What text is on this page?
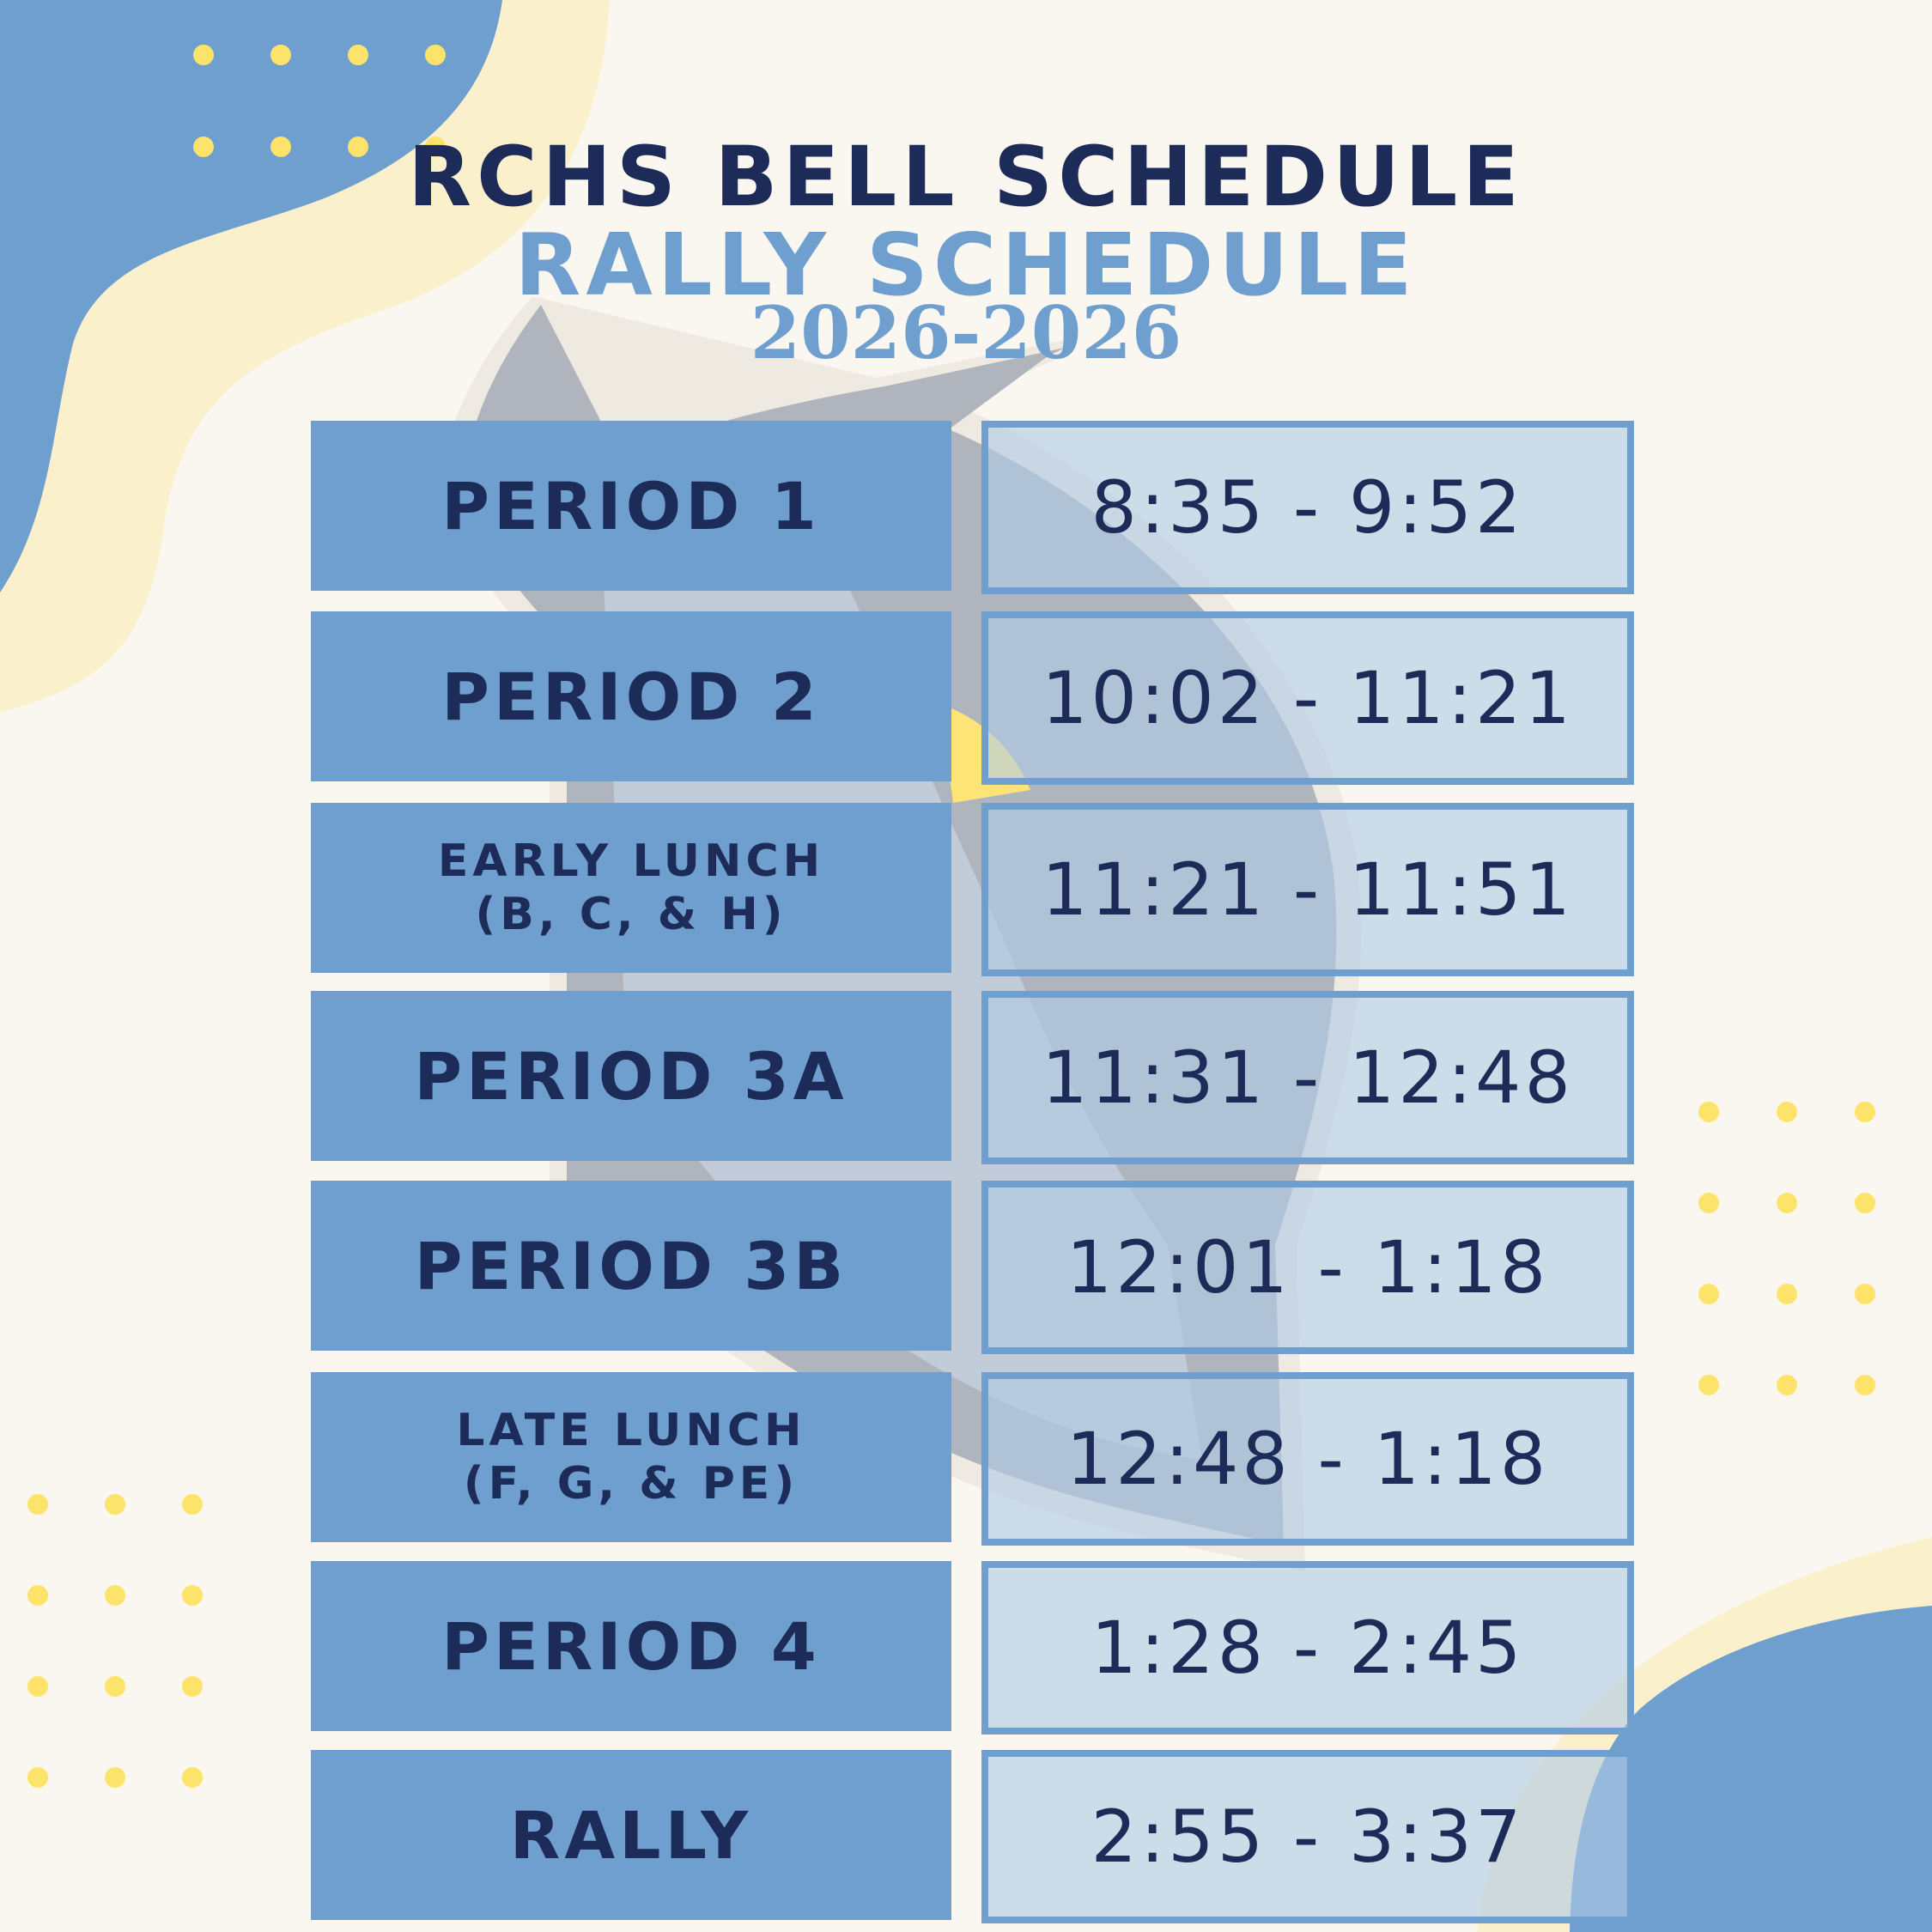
RCHS BELL SCHEDULE
RALLY SCHEDULE
2026-2026
PERIOD 1	8:35 - 9:52
PERIOD 2	10:02 - 11:21
EARLY LUNCH
(B, C, & H)	11:21 - 11:51
PERIOD 3A	11:31 - 12:48
PERIOD 3B	12:01 - 1:18
LATE LUNCH
(F, G, & PE)	12:48 - 1:18
PERIOD 4	1:28 - 2:45
RALLY	2:55 - 3:37
